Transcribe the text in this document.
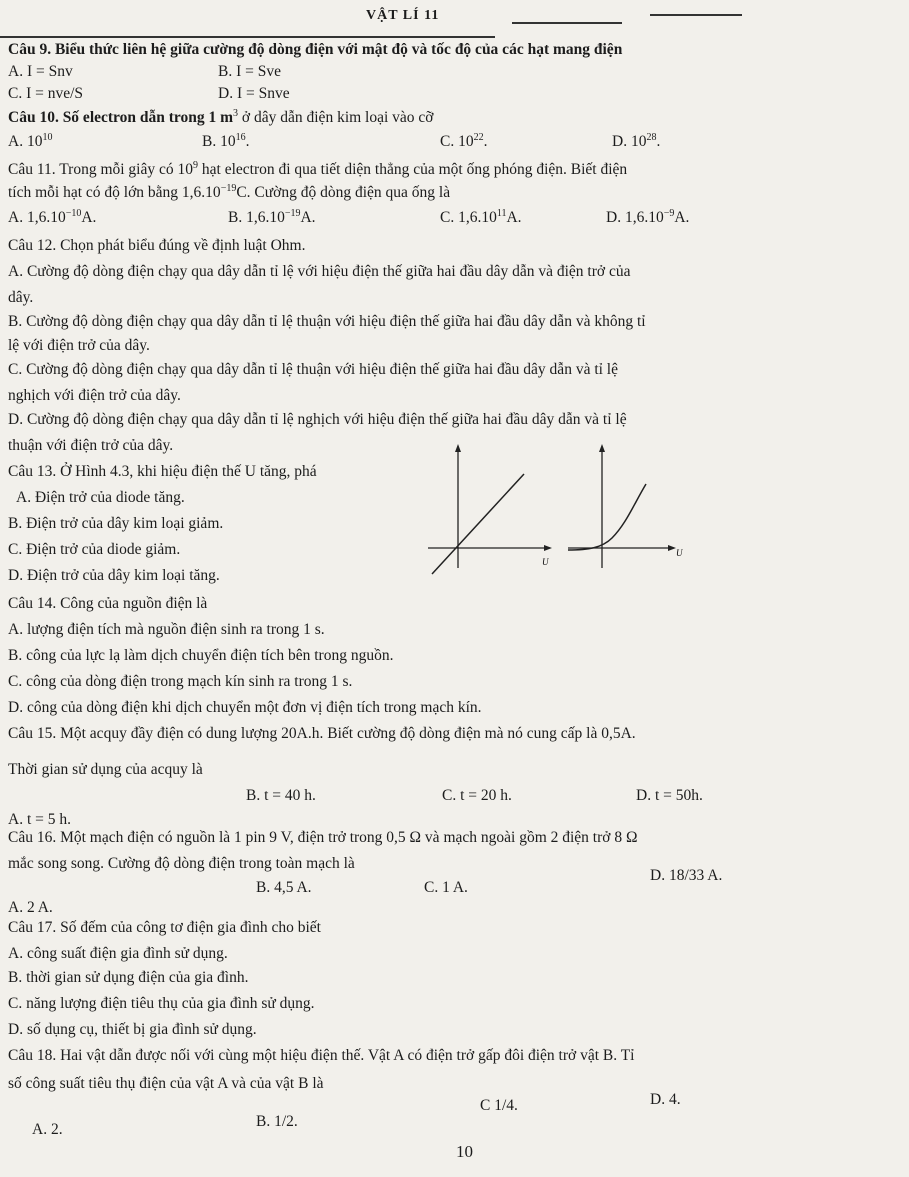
VẬT LÍ 11
Câu 9. Biểu thức liên hệ giữa cường độ dòng điện với mật độ và tốc độ của các hạt mang điện
A. I = Snv	B. I = Sve
C. I = nve/S	D. I = Snve
Câu 10. Số electron dẫn trong 1 $m^3$ ở dây dẫn điện kim loại vào cỡ
A. $10^{10}$	B. $10^{16}$.	C. $10^{22}$.	D. $10^{28}$.
Câu 11. Trong mỗi giây có $10^9$ hạt electron đi qua tiết diện thẳng của một ống phóng điện. Biết điện
tích mỗi hạt có độ lớn bằng $1,6.10^{-19}C$. Cường độ dòng điện qua ống là
A. $1,6.10^{-10}A$.	B. $1,6.10^{-19}A$.	C. 1,6.10$^{11}$A.	D. $1,6.10^{-9}A$.
Câu 12. Chọn phát biểu đúng về định luật Ohm.
A. Cường độ dòng điện chạy qua dây dẫn tỉ lệ với hiệu điện thế giữa hai đầu dây dẫn và điện trở của
dây.
B. Cường độ dòng điện chạy qua dây dẫn tỉ lệ thuận với hiệu điện thế giữa hai đầu dây dẫn và không tỉ
lệ với điện trở của dây.
C. Cường độ dòng điện chạy qua dây dẫn tỉ lệ thuận với hiệu điện thế giữa hai đầu dây dẫn và tỉ lệ
nghịch với điện trở của dây.
D. Cường độ dòng điện chạy qua dây dẫn tỉ lệ nghịch với hiệu điện thế giữa hai đầu dây dẫn và tỉ lệ
thuận với điện trở của dây.
Câu 13. Ở Hình 4.3, khi hiệu điện thế U tăng, phá
A. Điện trở của diode tăng.
B. Điện trở của dây kim loại giảm.
C. Điện trở của diode giảm.
D. Điện trở của dây kim loại tăng.
U
U
Câu 14. Công của nguồn điện là
A. lượng điện tích mà nguồn điện sinh ra trong 1 s.
B. công của lực lạ làm dịch chuyển điện tích bên trong nguồn.
C. công của dòng điện trong mạch kín sinh ra trong 1 s.
D. công của dòng điện khi dịch chuyển một đơn vị điện tích trong mạch kín.
Câu 15. Một acquy đầy điện có dung lượng 20A.h. Biết cường độ dòng điện mà nó cung cấp là 0,5A.
Thời gian sử dụng của acquy là
A. t = 5 h.
B. t = 40 h.	C. t = 20 h.	D. t = 50h.
Câu 16. Một mạch điện có nguồn là 1 pin 9 V, điện trở trong 0,5 Ω và mạch ngoài gồm 2 điện trở 8 Ω
mắc song song. Cường độ dòng điện trong toàn mạch là
A. 2 A.
B. 4,5 A.	C. 1 A.
D. 18/33 A.
Câu 17. Số đếm của công tơ điện gia đình cho biết
A. công suất điện gia đình sử dụng.
B. thời gian sử dụng điện của gia đình.
C. năng lượng điện tiêu thụ của gia đình sử dụng.
D. số dụng cụ, thiết bị gia đình sử dụng.
Câu 18. Hai vật dẫn được nối với cùng một hiệu điện thế. Vật A có điện trở gấp đôi điện trở vật B. Tỉ
số công suất tiêu thụ điện của vật A và của vật B là
A. 2.	B. 1/2.
C 1/4.	D. 4.
10
